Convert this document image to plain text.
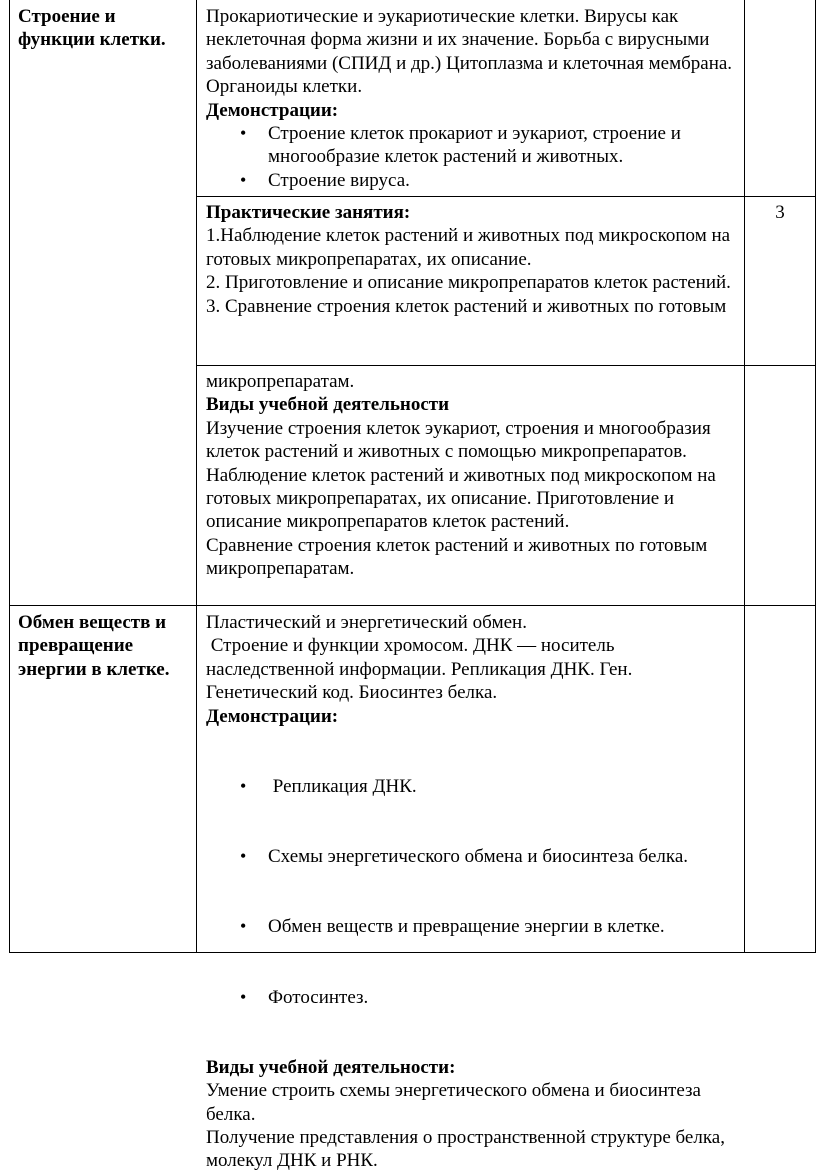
Строение и функции клетки.

Прокариотические и эукариотические клетки. Вирусы как неклеточная форма жизни и их значение. Борьба с вирусными заболеваниями (СПИД и др.) Цитоплазма и клеточная мембрана. Органоиды клетки.

Демонстрации:

• Строение клеток прокариот и эукариот, строение и многообразие клеток растений и животных.
• Строение вируса.

Практические занятия:

1.Наблюдение клеток растений и животных под микроскопом на готовых микропрепаратах, их описание.

2. Приготовление и описание микропрепаратов клеток растений.

3. Сравнение строения клеток растений и животных по готовым

3

микропрепаратам.

Виды учебной деятельности

Изучение строения клеток эукариот, строения и многообразия клеток растений и животных с помощью микропрепаратов. Наблюдение клеток растений и животных под микроскопом на готовых микропрепаратах, их описание. Приготовление и описание микропрепаратов клеток растений.

Сравнение строения клеток растений и животных по готовым микропрепаратам.

Обмен веществ и превращение энергии в клетке.

Пластический и энергетический обмен.

Строение и функции хромосом. ДНК — носитель наследственной информации. Репликация ДНК. Ген. Генетический код. Биосинтез белка.

Демонстрации:

•  Репликация ДНК.

• Схемы энергетического обмена и биосинтеза белка.

• Обмен веществ и превращение энергии в клетке.

• Фотосинтез.

Виды учебной деятельности:

Умение строить схемы энергетического обмена и биосинтеза белка.

Получение представления о пространственной структуре белка, молекул ДНК и РНК.
